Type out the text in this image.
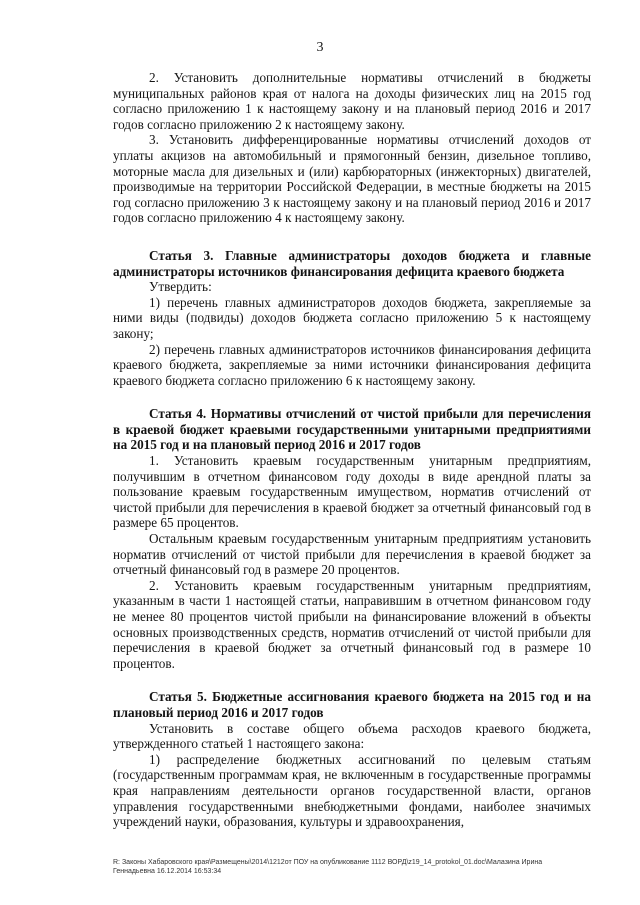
3

2. Установить дополнительные нормативы отчислений в бюджеты муниципальных районов края от налога на доходы физических лиц на 2015 год согласно приложению 1 к настоящему закону и на плановый период 2016 и 2017 годов согласно приложению 2 к настоящему закону.

3. Установить дифференцированные нормативы отчислений доходов от уплаты акцизов на автомобильный и прямогонный бензин, дизельное топливо, моторные масла для дизельных и (или) карбюраторных (инжекторных) двигателей, производимые на территории Российской Федерации, в местные бюджеты на 2015 год согласно приложению 3 к настоящему закону и на плановый период 2016 и 2017 годов согласно приложению 4 к настоящему закону.

Статья 3. Главные администраторы доходов бюджета и главные администраторы источников финансирования дефицита краевого бюджета

Утвердить:

1) перечень главных администраторов доходов бюджета, закрепляемые за ними виды (подвиды) доходов бюджета согласно приложению 5 к настоящему закону;

2) перечень главных администраторов источников финансирования дефицита краевого бюджета, закрепляемые за ними источники финансирования дефицита краевого бюджета согласно приложению 6 к настоящему закону.

Статья 4. Нормативы отчислений от чистой прибыли для перечисления в краевой бюджет краевыми государственными унитарными предприятиями на 2015 год и на плановый период 2016 и 2017 годов

1. Установить краевым государственным унитарным предприятиям, получившим в отчетном финансовом году доходы в виде арендной платы за пользование краевым государственным имуществом, норматив отчислений от чистой прибыли для перечисления в краевой бюджет за отчетный финансовый год в размере 65 процентов.

Остальным краевым государственным унитарным предприятиям установить норматив отчислений от чистой прибыли для перечисления в краевой бюджет за отчетный финансовый год в размере 20 процентов.

2. Установить краевым государственным унитарным предприятиям, указанным в части 1 настоящей статьи, направившим в отчетном финансовом году не менее 80 процентов чистой прибыли на финансирование вложений в объекты основных производственных средств, норматив отчислений от чистой прибыли для перечисления в краевой бюджет за отчетный финансовый год в размере 10 процентов.

Статья 5. Бюджетные ассигнования краевого бюджета на 2015 год и на плановый период 2016 и 2017 годов

Установить в составе общего объема расходов краевого бюджета, утвержденного статьей 1 настоящего закона:

1) распределение бюджетных ассигнований по целевым статьям (государственным программам края, не включенным в государственные программы края направлениям деятельности органов государственной власти, органов управления государственными внебюджетными фондами, наиболее значимых учреждений науки, образования, культуры и здравоохранения,

R: Законы Хабаровского края\Размещены\2014\1212от ПОУ на опубликование 1112 ВОРД\z19_14_protokol_01.doc\Малазина Ирина
Геннадьевна 16.12.2014 16:53:34
